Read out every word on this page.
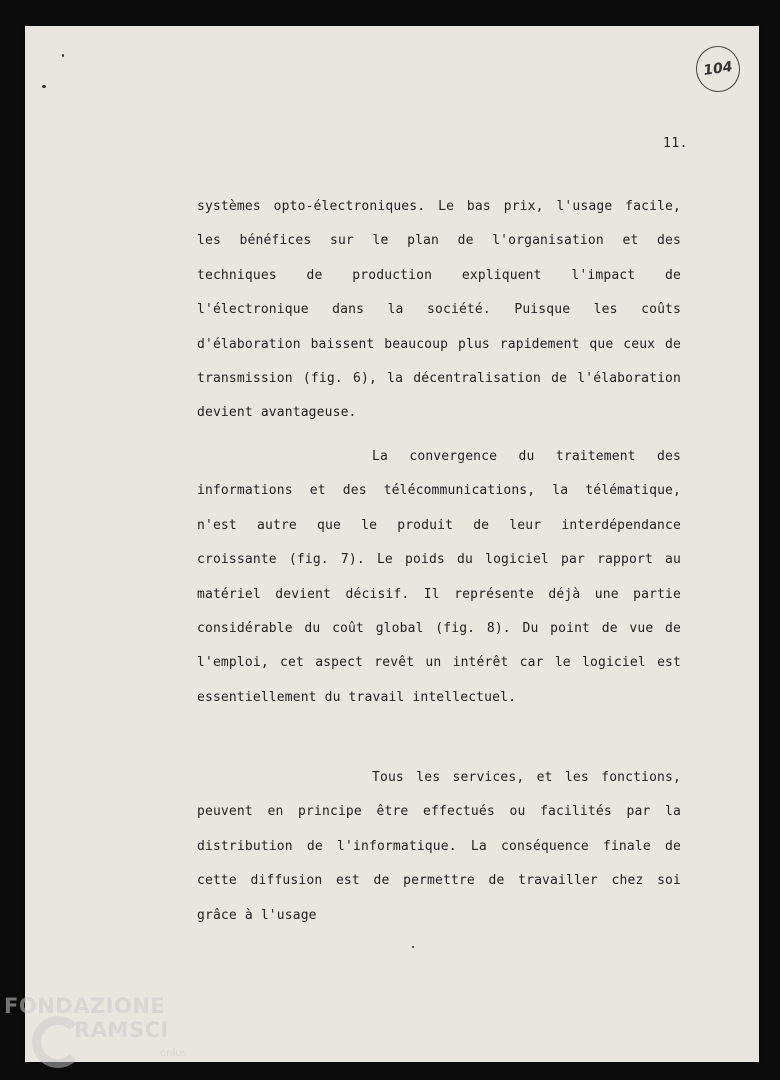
104
11.
systèmes opto-électroniques. Le bas prix, l'usage facile, les bénéfices sur le plan de l'organisation et des techniques de production expliquent l'impact de l'électronique dans la société. Puisque les coûts d'élaboration baissent beaucoup plus rapidement que ceux de transmission (fig. 6), la décentralisation de l'élaboration devient avantageuse.
La convergence du traitement des informations et des télécommunications, la télématique, n'est autre que le produit de leur interdépendance croissante (fig. 7). Le poids du logiciel par rapport au matériel devient décisif. Il représente déjà une partie considérable du coût global (fig. 8). Du point de vue de l'emploi, cet aspect revêt un intérêt car le logiciel est essentiellement du travail intellectuel.
Tous les services, et les fonctions, peuvent en principe être effectués ou facilités par la distribution de l'informatique. La conséquence finale de cette diffusion est de permettre de travailler chez soi grâce à l'usage
FONDAZIONE
RAMSCI
onlus
